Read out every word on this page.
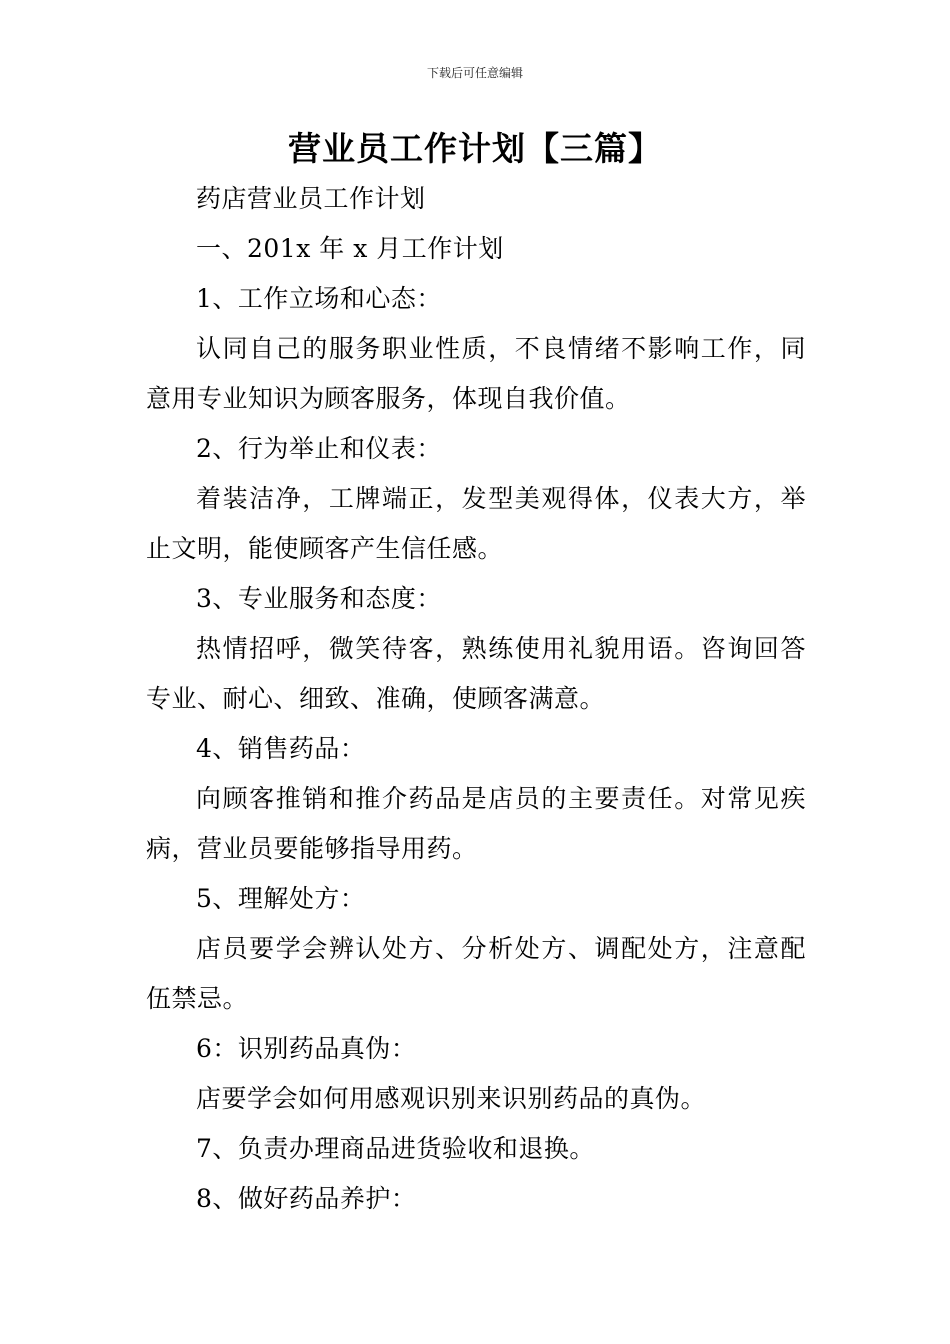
下载后可任意编辑
营业员工作计划【三篇】

药店营业员工作计划

一、201x 年 x 月工作计划

1、工作立场和心态：

认同自己的服务职业性质，不良情绪不影响工作，同意用专业知识为顾客服务，体现自我价值。

2、行为举止和仪表：

着装洁净，工牌端正，发型美观得体，仪表大方，举止文明，能使顾客产生信任感。

3、专业服务和态度：

热情招呼，微笑待客，熟练使用礼貌用语。咨询回答专业、耐心、细致、准确，使顾客满意。

4、销售药品：

向顾客推销和推介药品是店员的主要责任。对常见疾病，营业员要能够指导用药。

5、理解处方：

店员要学会辨认处方、分析处方、调配处方，注意配伍禁忌。

6：识别药品真伪：

店要学会如何用感观识别来识别药品的真伪。

7、负责办理商品进货验收和退换。

8、做好药品养护：
